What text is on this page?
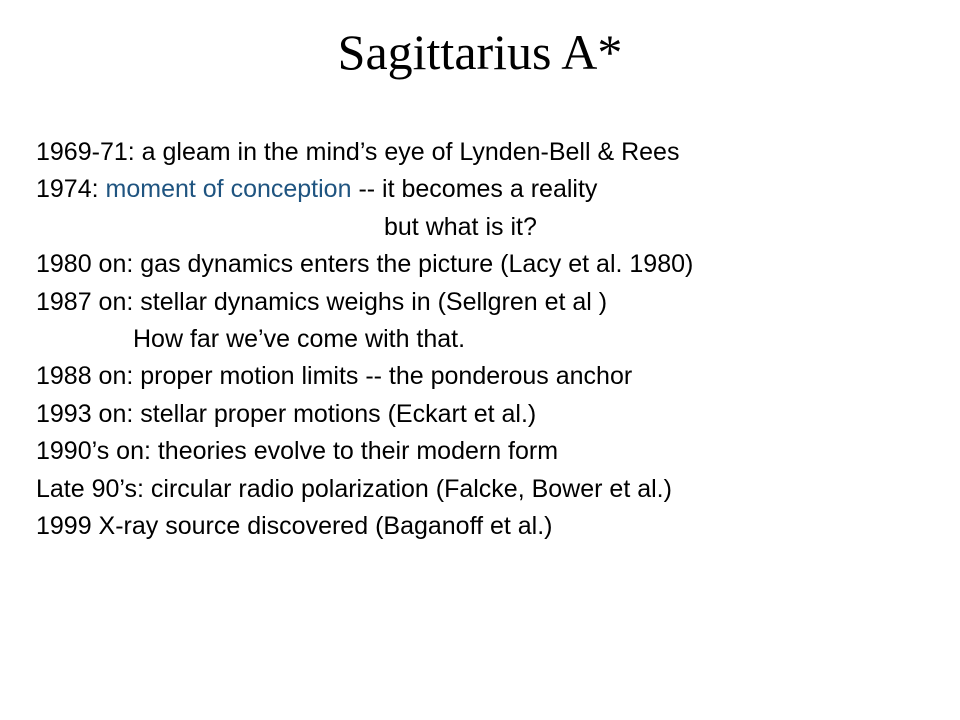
Sagittarius A*

1969-71: a gleam in the mind’s eye of Lynden-Bell & Rees

1974: moment of conception -- it becomes a reality

but what is it?

1980 on: gas dynamics enters the picture (Lacy et al. 1980)

1987 on: stellar dynamics weighs in (Sellgren et al )

How far we’ve come with that.

1988 on: proper motion limits -- the ponderous anchor

1993 on: stellar proper motions (Eckart et al.)

1990’s on: theories evolve to their modern form

Late 90’s: circular radio polarization (Falcke, Bower et al.)

1999 X-ray source discovered (Baganoff et al.)
